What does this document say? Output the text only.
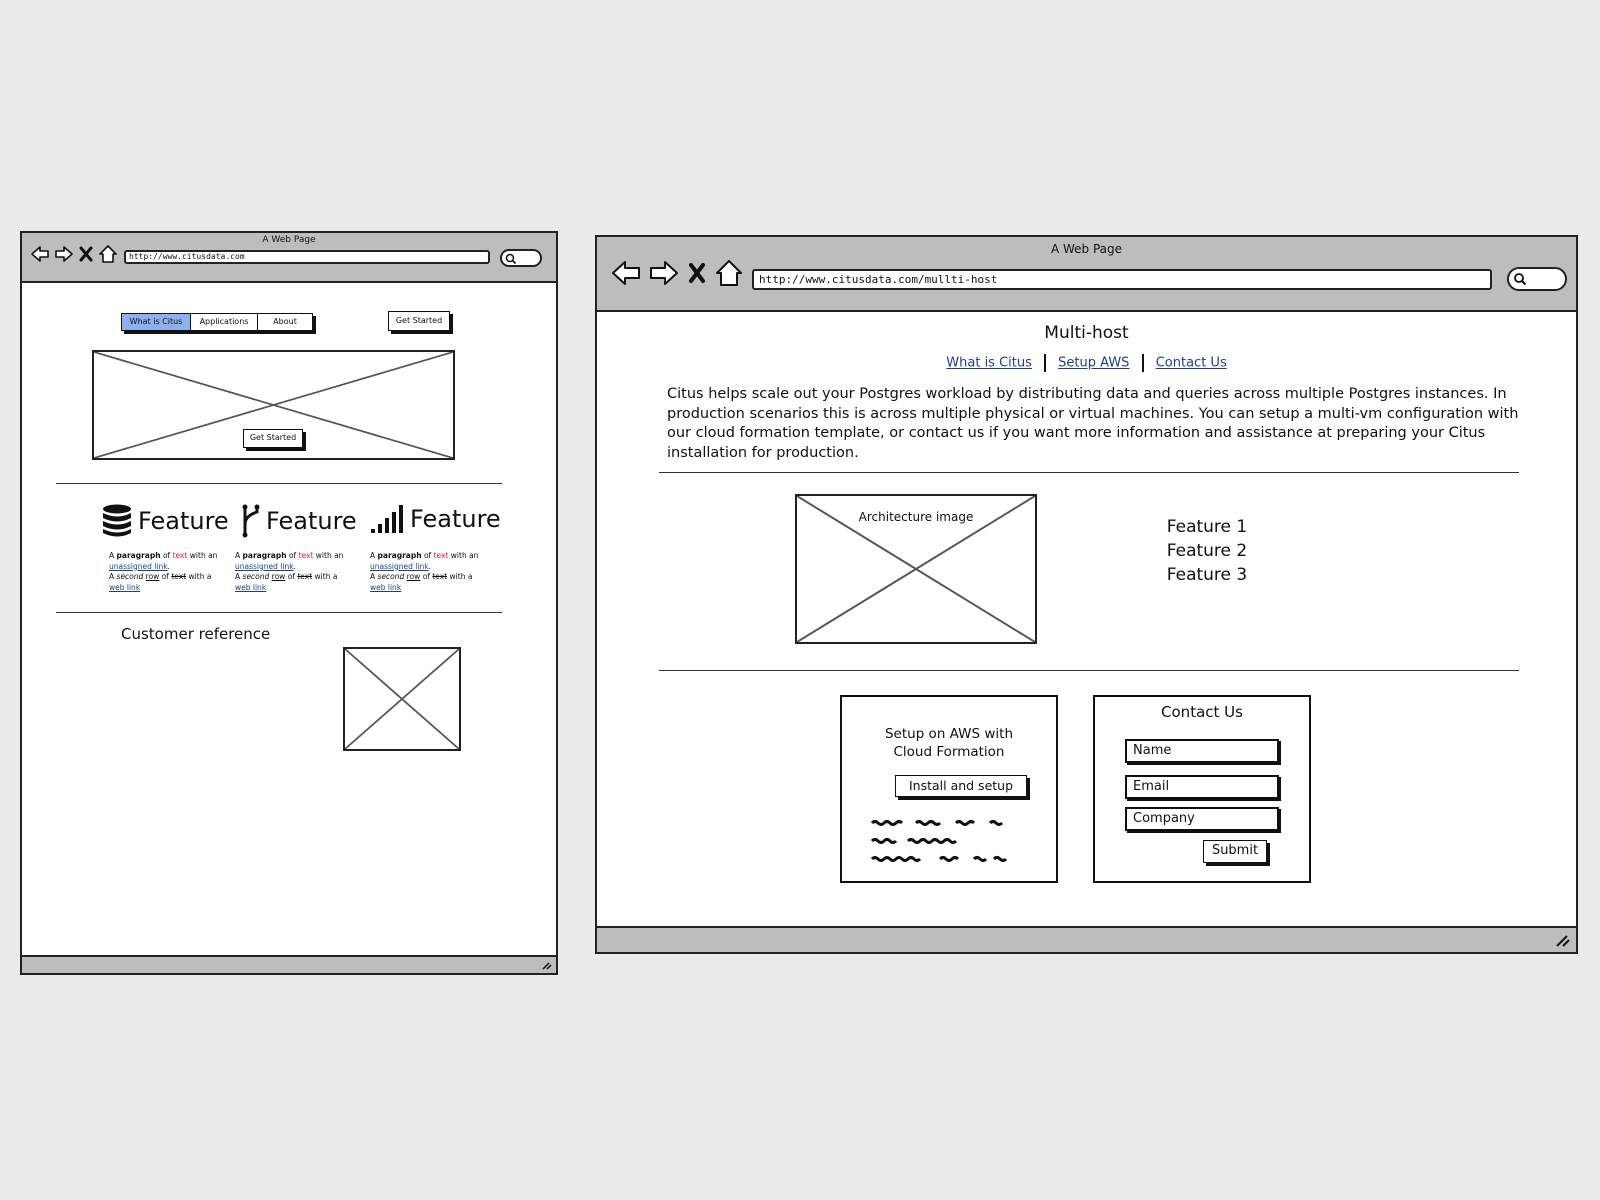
A Web Page
http://www.citusdata.com
What is Citus	Applications	About	Get Started
Get Started
Feature Feature Feature
A paragraph of text with an
unassigned link.
A second row of text with a
web link
A paragraph of text with an
unassigned link.
A second row of text with a
web link
A paragraph of text with an
unassigned link.
A second row of text with a
web link
Customer reference
A Web Page
http://www.citusdata.com/mullti-host
Multi-host
What is Citus Setup AWS Contact Us
Citus helps scale out your Postgres workload by distributing data and queries across multiple Postgres instances. In production scenarios this is across multiple physical or virtual machines. You can setup a multi-vm configuration with our cloud formation template, or contact us if you want more information and assistance at preparing your Citus installation for production.
Architecture image	Feature 1
Feature 2
Feature 3
Setup on AWS with Cloud Formation
Install and setup
Contact Us
Name
Email
Company
Submit
